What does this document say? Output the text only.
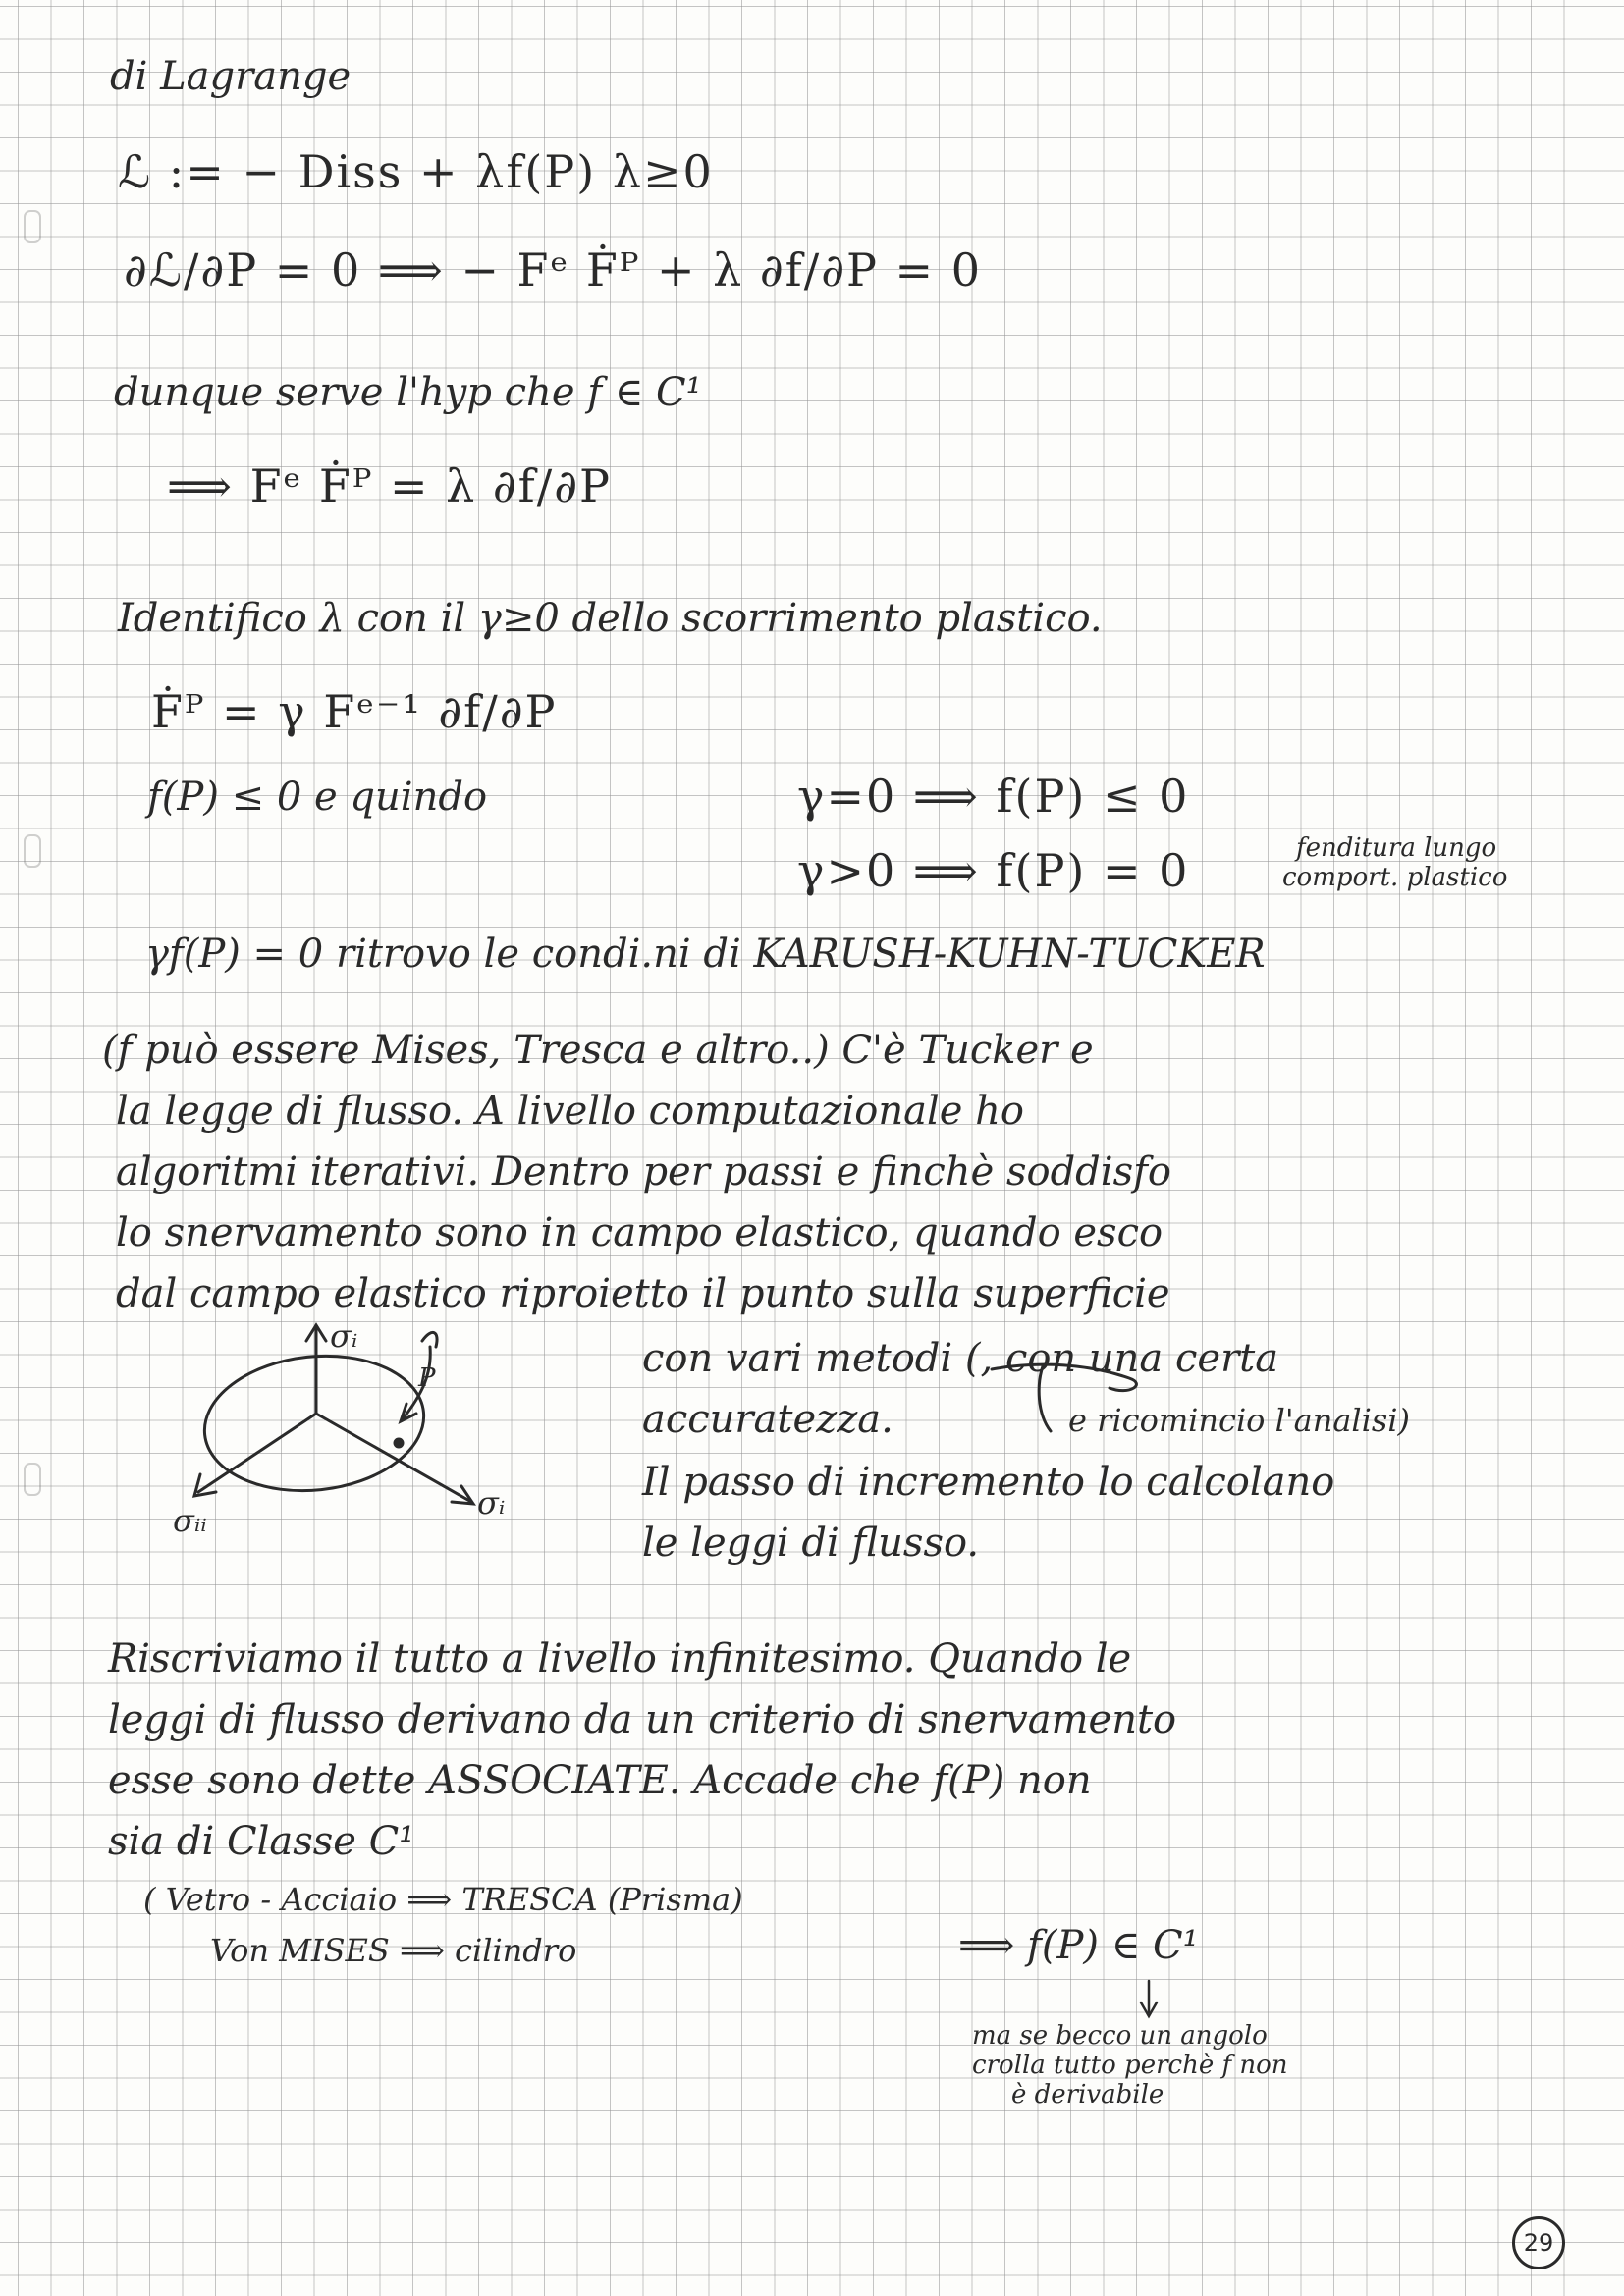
di Lagrange
ℒ := − Diss + λf(P) λ≥0
∂ℒ/∂P = 0 ⟹ − Fᵉ Ḟᴾ + λ ∂f/∂P = 0
dunque serve l'hyp che f ∈ C¹
⟹ Fᵉ Ḟᴾ = λ ∂f/∂P
Identifico λ con il γ≥0 dello scorrimento plastico.
Ḟᴾ = γ Fᵉ⁻¹ ∂f/∂P
f(P) ≤ 0 e quindo	γ=0 ⟹ f(P) ≤ 0
γ>0 ⟹ f(P) = 0	fenditura lungo
comport. plastico
γf(P) = 0 ritrovo le condi.ni di KARUSH-KUHN-TUCKER
(f può essere Mises, Tresca e altro..) C'è Tucker e
la legge di flusso. A livello computazionale ho
algoritmi iterativi. Dentro per passi e finchè soddisfo
lo snervamento sono in campo elastico, quando esco
dal campo elastico riproietto il punto sulla superficie
con vari metodi (, con una certa
accuratezza.	e ricomincio l'analisi)
Il passo di incremento lo calcolano
le leggi di flusso.
σᵢ
σᵢᵢ	σᵢ
P
Riscriviamo il tutto a livello infinitesimo. Quando le
leggi di flusso derivano da un criterio di snervamento
esse sono dette ASSOCIATE. Accade che f(P) non
sia di Classe C¹
( Vetro - Acciaio ⟹ TRESCA (Prisma)
Von MISES ⟹ cilindro	⟹ f(P) ∈ C¹
ma se becco un angolo
crolla tutto perchè f non
è derivabile
29
